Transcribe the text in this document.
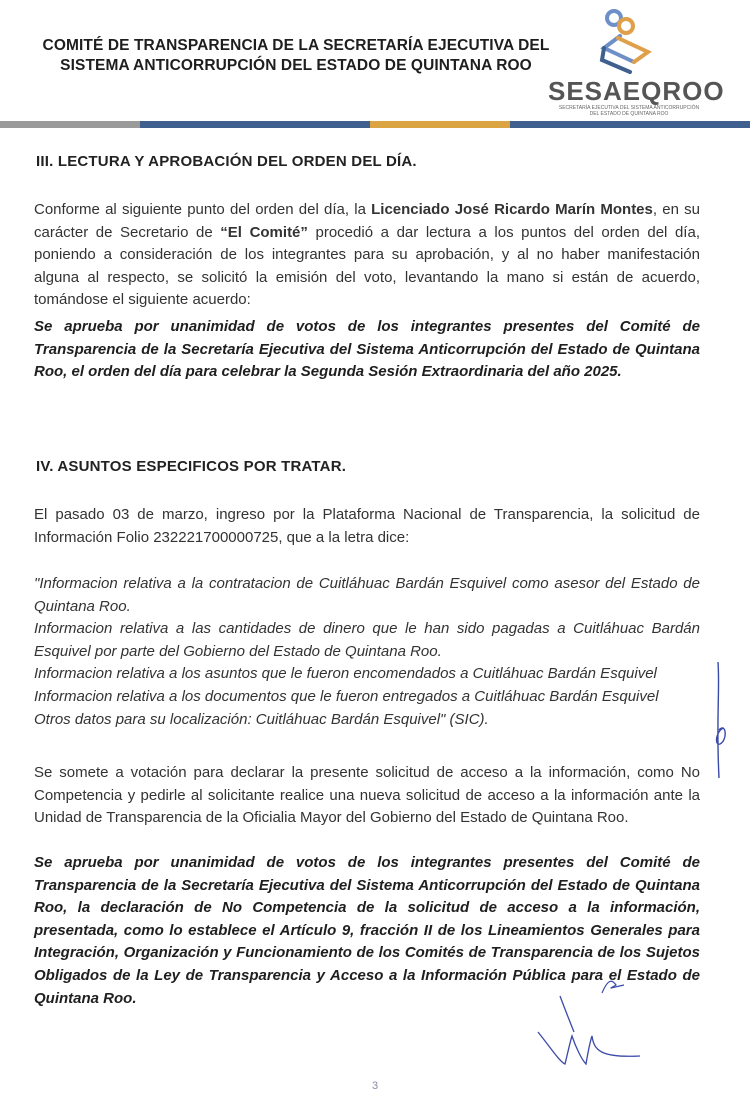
COMITÉ DE TRANSPARENCIA DE LA SECRETARÍA EJECUTIVA DEL
SISTEMA ANTICORRUPCIÓN DEL ESTADO DE QUINTANA ROO
SESAEQROO
SECRETARÍA EJECUTIVA DEL SISTEMA ANTICORRUPCIÓN
DEL ESTADO DE QUINTANA ROO
III. LECTURA Y APROBACIÓN DEL ORDEN DEL DÍA.
Conforme al siguiente punto del orden del día, la Licenciado José Ricardo Marín Montes, en su carácter de Secretario de “El Comité” procedió a dar lectura a los puntos del orden del día, poniendo a consideración de los integrantes para su aprobación, y al no haber manifestación alguna al respecto, se solicitó la emisión del voto, levantando la mano si están de acuerdo, tomándose el siguiente acuerdo:
Se aprueba por unanimidad de votos de los integrantes presentes del Comité de Transparencia de la Secretaría Ejecutiva del Sistema Anticorrupción del Estado de Quintana Roo, el orden del día para celebrar la Segunda Sesión Extraordinaria del año 2025.
IV. ASUNTOS ESPECIFICOS POR TRATAR.
El pasado 03 de marzo, ingreso por la Plataforma Nacional de Transparencia, la solicitud de Información Folio 232221700000725, que a la letra dice:
"Informacion relativa a la contratacion de Cuitláhuac Bardán Esquivel como asesor del Estado de Quintana Roo.
Informacion relativa a las cantidades de dinero que le han sido pagadas a Cuitláhuac Bardán Esquivel por parte del Gobierno del Estado de Quintana Roo.
Informacion relativa a los asuntos que le fueron encomendados a Cuitláhuac Bardán Esquivel
Informacion relativa a los documentos que le fueron entregados a Cuitláhuac Bardán Esquivel
Otros datos para su localización: Cuitláhuac Bardán Esquivel" (SIC).
Se somete a votación para declarar la presente solicitud de acceso a la información, como No Competencia y pedirle al solicitante realice una nueva solicitud de acceso a la información ante la Unidad de Transparencia de la Oficialia Mayor del Gobierno del Estado de Quintana Roo.
Se aprueba por unanimidad de votos de los integrantes presentes del Comité de Transparencia de la Secretaría Ejecutiva del Sistema Anticorrupción del Estado de Quintana Roo, la declaración de No Competencia de la solicitud de acceso a la información, presentada, como lo establece el Artículo 9, fracción II de los Lineamientos Generales para Integración, Organización y Funcionamiento de los Comités de Transparencia de los Sujetos Obligados de la Ley de Transparencia y Acceso a la Información Pública para el Estado de Quintana Roo.
3
